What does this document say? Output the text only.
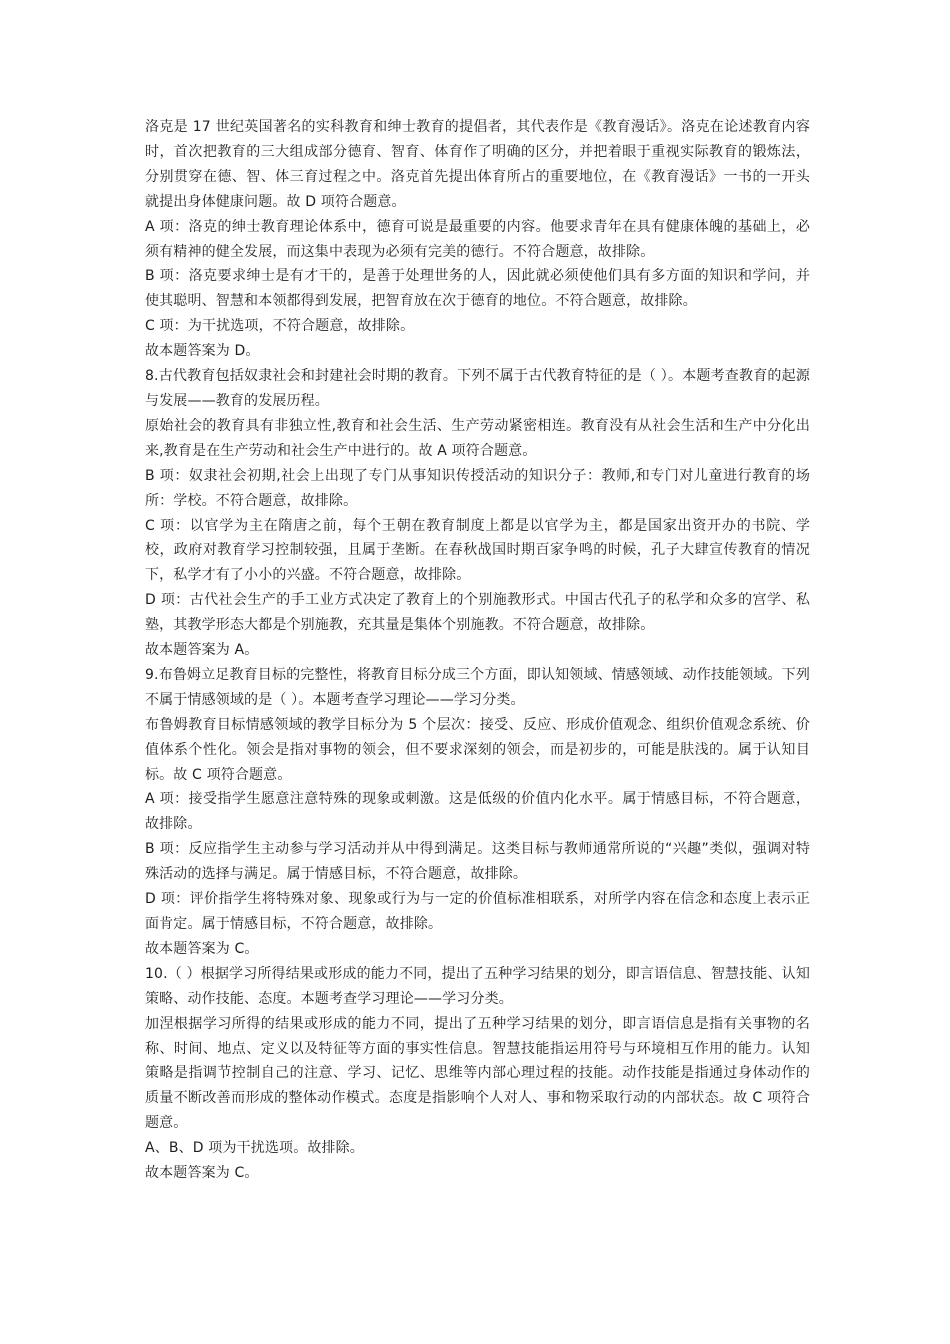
洛克是 17 世纪英国著名的实科教育和绅士教育的提倡者，其代表作是《教育漫话》。洛克在论述教育内容时，首次把教育的三大组成部分德育、智育、体育作了明确的区分，并把着眼于重视实际教育的锻炼法，分别贯穿在德、智、体三育过程之中。洛克首先提出体育所占的重要地位，在《教育漫话》一书的一开头就提出身体健康问题。故 D 项符合题意。

A 项：洛克的绅士教育理论体系中，德育可说是最重要的内容。他要求青年在具有健康体魄的基础上，必须有精神的健全发展，而这集中表现为必须有完美的德行。不符合题意，故排除。

B 项：洛克要求绅士是有才干的，是善于处理世务的人，因此就必须使他们具有多方面的知识和学问，并使其聪明、智慧和本领都得到发展，把智育放在次于德育的地位。不符合题意，故排除。

C 项：为干扰选项，不符合题意，故排除。

故本题答案为 D。

8.古代教育包括奴隶社会和封建社会时期的教育。下列不属于古代教育特征的是（ ）。本题考查教育的起源与发展——教育的发展历程。

原始社会的教育具有非独立性,教育和社会生活、生产劳动紧密相连。教育没有从社会生活和生产中分化出来,教育是在生产劳动和社会生产中进行的。故 A 项符合题意。

B 项：奴隶社会初期,社会上出现了专门从事知识传授活动的知识分子：教师,和专门对儿童进行教育的场所：学校。不符合题意，故排除。

C 项：以官学为主在隋唐之前，每个王朝在教育制度上都是以官学为主，都是国家出资开办的书院、学校，政府对教育学习控制较强，且属于垄断。在春秋战国时期百家争鸣的时候，孔子大肆宣传教育的情况下，私学才有了小小的兴盛。不符合题意，故排除。

D 项：古代社会生产的手工业方式决定了教育上的个别施教形式。中国古代孔子的私学和众多的宫学、私塾，其教学形态大都是个别施教，充其量是集体个别施教。不符合题意，故排除。

故本题答案为 A。

9.布鲁姆立足教育目标的完整性，将教育目标分成三个方面，即认知领域、情感领域、动作技能领域。下列不属于情感领域的是（ ）。本题考查学习理论——学习分类。

布鲁姆教育目标情感领域的教学目标分为 5 个层次：接受、反应、形成价值观念、组织价值观念系统、价值体系个性化。领会是指对事物的领会，但不要求深刻的领会，而是初步的，可能是肤浅的。属于认知目标。故 C 项符合题意。

A 项：接受指学生愿意注意特殊的现象或刺激。这是低级的价值内化水平。属于情感目标，不符合题意，故排除。

B 项：反应指学生主动参与学习活动并从中得到满足。这类目标与教师通常所说的“兴趣”类似，强调对特殊活动的选择与满足。属于情感目标，不符合题意，故排除。

D 项：评价指学生将特殊对象、现象或行为与一定的价值标准相联系，对所学内容在信念和态度上表示正面肯定。属于情感目标，不符合题意，故排除。

故本题答案为 C。

10.（ ）根据学习所得结果或形成的能力不同，提出了五种学习结果的划分，即言语信息、智慧技能、认知策略、动作技能、态度。本题考查学习理论——学习分类。

加涅根据学习所得的结果或形成的能力不同，提出了五种学习结果的划分，即言语信息是指有关事物的名称、时间、地点、定义以及特征等方面的事实性信息。智慧技能指运用符号与环境相互作用的能力。认知策略是指调节控制自己的注意、学习、记忆、思维等内部心理过程的技能。动作技能是指通过身体动作的质量不断改善而形成的整体动作模式。态度是指影响个人对人、事和物采取行动的内部状态。故 C 项符合题意。

A、B、D 项为干扰选项。故排除。

故本题答案为 C。
